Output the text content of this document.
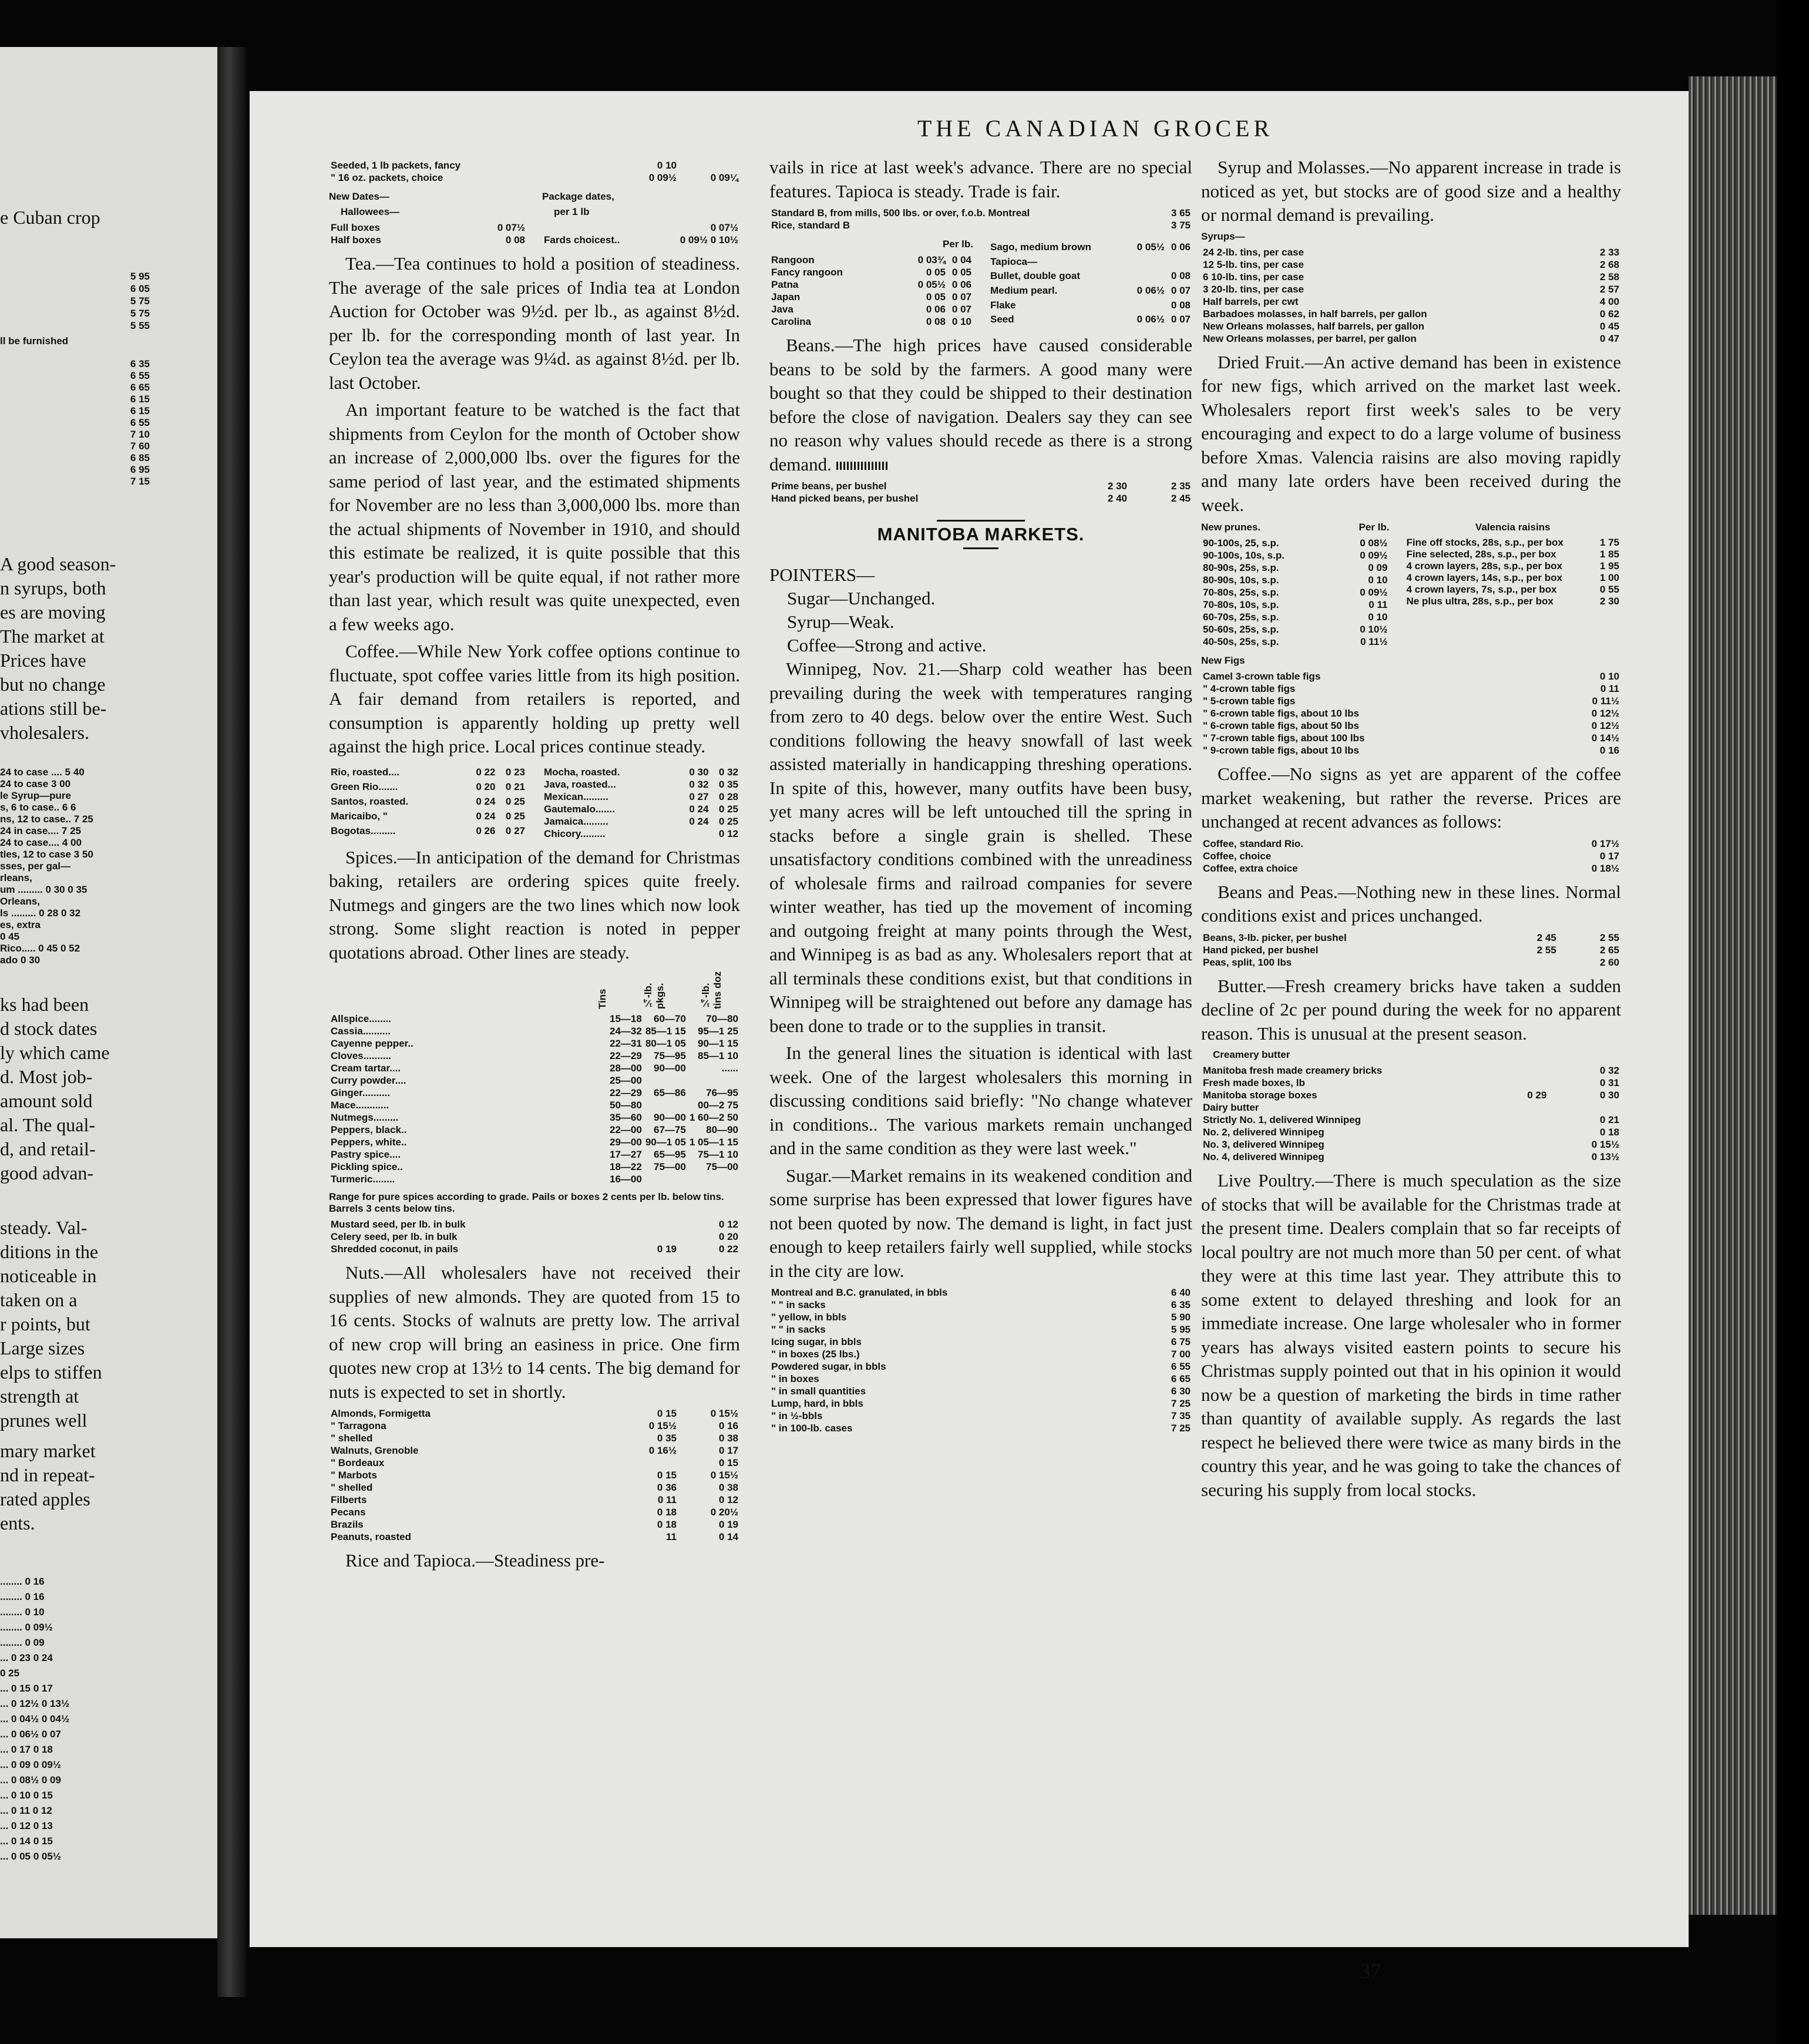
e Cuban crop
5 95
6 05
5 75
5 75
5 55
ll be furnished
6 35
6 55
6 65
6 15
6 15
6 55
7 10
7 60
6 85
6 95
7 15
A good season-
n syrups, both
es are moving
The market at
Prices have
but no change
ations still be-
vholesalers.
24 to case .... 5 40
24 to case 3 00
le Syrup—pure
s, 6 to case.. 6 6
ns, 12 to case.. 7 25
24 in case.... 7 25
24 to case.... 4 00
tles, 12 to case 3 50
sses, per gal—
rleans,
um ......... 0 30 0 35
Orleans,
ls ......... 0 28 0 32
es, extra
0 45
Rico..... 0 45 0 52
ado 0 30
ks had been
d stock dates
ly which came
d. Most job-
amount sold
al. The qual-
d, and retail-
good advan-
steady. Val-
ditions in the
noticeable in
taken on a
r points, but
Large sizes
elps to stiffen
strength at
prunes well
mary market
nd in repeat-
rated apples
ents.
........ 0 16
........ 0 16
........ 0 10
........ 0 09½
........ 0 09
... 0 23 0 24
0 25
... 0 15 0 17
... 0 12½ 0 13½
... 0 04½ 0 04½
... 0 06½ 0 07
... 0 17 0 18
... 0 09 0 09½
... 0 08½ 0 09
... 0 10 0 15
... 0 11 0 12
... 0 12 0 13
... 0 14 0 15
... 0 05 0 05½
THE CANADIAN GROCER
Seeded, 1 lb packets, fancy	0 10	
" 16 oz. packets, choice	0 09½	0 09¼
New Dates—
Hallowees—
Full boxes	0 07½
Half boxes	0 08
Package dates,
per 1 lb
	0 07½
Fards choicest..	0 09½ 0 10½

Tea.—Tea continues to hold a position of steadiness. The average of the sale prices of India tea at London Auction for October was 9½d. per lb., as against 8½d. per lb. for the corresponding month of last year. In Ceylon tea the average was 9¼d. as against 8½d. per lb. last October.

An important feature to be watched is the fact that shipments from Ceylon for the month of October show an increase of 2,000,000 lbs. over the figures for the same period of last year, and the estimated shipments for November are no less than 3,000,000 lbs. more than the actual shipments of November in 1910, and should this estimate be realized, it is quite possible that this year's production will be quite equal, if not rather more than last year, which result was quite unexpected, even a few weeks ago.

Coffee.—While New York coffee options continue to fluctuate, spot coffee varies little from its high position. A fair demand from retailers is reported, and consumption is apparently holding up pretty well against the high price. Local prices continue steady.

Rio, roasted....	0 22	0 23
Green Rio.......	0 20	0 21
Santos, roasted.	0 24	0 25
Maricaibo, "	0 24	0 25
Bogotas.........	0 26	0 27
Mocha, roasted.	0 30	0 32
Java, roasted...	0 32	0 35
Mexican.........	0 27	0 28
Gautemalo.......	0 24	0 25
Jamaica.........	0 24	0 25
Chicory.........		0 12

Spices.—In anticipation of the demand for Christmas baking, retailers are ordering spices quite freely. Nutmegs and gingers are the two lines which now look strong. Some slight reaction is noted in pepper quotations abroad. Other lines are steady.

Tins	¼-lb. pkgs.	¼-lb. tins doz
Allspice........	15—18	60—70	70—80
Cassia..........	24—32	85—1 15	95—1 25
Cayenne pepper..	22—31	80—1 05	90—1 15
Cloves..........	22—29	75—95	85—1 10
Cream tartar....	28—00	90—00	......
Curry powder....	25—00		
Ginger..........	22—29	65—86	76—95
Mace............	50—80		00—2 75
Nutmegs.........	35—60	90—00	1 60—2 50
Peppers, black..	22—00	67—75	80—90
Peppers, white..	29—00	90—1 05	1 05—1 15
Pastry spice....	17—27	65—95	75—1 10
Pickling spice..	18—22	75—00	75—00
Turmeric........	16—00		
Range for pure spices according to grade. Pails or boxes 2 cents per lb. below tins. Barrels 3 cents below tins.
Mustard seed, per lb. in bulk		0 12
Celery seed, per lb. in bulk		0 20
Shredded coconut, in pails	0 19	0 22

Nuts.—All wholesalers have not received their supplies of new almonds. They are quoted from 15 to 16 cents. Stocks of walnuts are pretty low. The arrival of new crop will bring an easiness in price. One firm quotes new crop at 13½ to 14 cents. The big demand for nuts is expected to set in shortly.

Almonds, Formigetta	0 15	0 15½
" Tarragona	0 15½	0 16
" shelled	0 35	0 38
Walnuts, Grenoble	0 16½	0 17
" Bordeaux		0 15
" Marbots	0 15	0 15½
" shelled	0 36	0 38
Filberts	0 11	0 12
Pecans	0 18	0 20½
Brazils	0 18	0 19
Peanuts, roasted	11	0 14

Rice and Tapioca.—Steadiness pre-

vails in rice at last week's advance. There are no special features. Tapioca is steady. Trade is fair.

Standard B, from mills, 500 lbs. or over, f.o.b. Montreal	3 65
Rice, standard B	3 75
Per lb.
Rangoon	0 03¾	0 04
Fancy rangoon	0 05	0 05
Patna	0 05½	0 06
Japan	0 05	0 07
Java	0 06	0 07
Carolina	0 08	0 10
Sago, medium brown	0 05½	0 06
Tapioca—		
Bullet, double goat		0 08
Medium pearl.	0 06½	0 07
Flake		0 08
Seed	0 06½	0 07

Beans.—The high prices have caused considerable beans to be sold by the farmers. A good many were bought so that they could be shipped to their destination before the close of navigation. Dealers say they can see no reason why values should recede as there is a strong demand.

Prime beans, per bushel	2 30	2 35
Hand picked beans, per bushel	2 40	2 45
MANITOBA MARKETS.
POINTERS—
Sugar—Unchanged.
Syrup—Weak.
Coffee—Strong and active.

Winnipeg, Nov. 21.—Sharp cold weather has been prevailing during the week with temperatures ranging from zero to 40 degs. below over the entire West. Such conditions following the heavy snowfall of last week assisted materially in handicapping threshing operations. In spite of this, however, many outfits have been busy, yet many acres will be left untouched till the spring in stacks before a single grain is shelled. These unsatisfactory conditions combined with the unreadiness of wholesale firms and railroad companies for severe winter weather, has tied up the movement of incoming and outgoing freight at many points through the West, and Winnipeg is as bad as any. Wholesalers report that at all terminals these conditions exist, but that conditions in Winnipeg will be straightened out before any damage has been done to trade or to the supplies in transit.

In the general lines the situation is identical with last week. One of the largest wholesalers this morning in discussing conditions said briefly: "No change whatever in conditions.. The various markets remain unchanged and in the same condition as they were last week."

Sugar.—Market remains in its weakened condition and some surprise has been expressed that lower figures have not been quoted by now. The demand is light, in fact just enough to keep retailers fairly well supplied, while stocks in the city are low.

Montreal and B.C. granulated, in bbls	6 40
" " in sacks	6 35
" yellow, in bbls	5 90
" " in sacks	5 95
Icing sugar, in bbls	6 75
" in boxes (25 lbs.)	7 00
Powdered sugar, in bbls	6 55
" in boxes	6 65
" in small quantities	6 30
Lump, hard, in bbls	7 25
" in ½-bbls	7 35
" in 100-lb. cases	7 25

Syrup and Molasses.—No apparent increase in trade is noticed as yet, but stocks are of good size and a healthy or normal demand is prevailing.

Syrups—
24 2-lb. tins, per case	2 33
12 5-lb. tins, per case	2 68
6 10-lb. tins, per case	2 58
3 20-lb. tins, per case	2 57
Half barrels, per cwt	4 00
Barbadoes molasses, in half barrels, per gallon	0 62
New Orleans molasses, half barrels, per gallon	0 45
New Orleans molasses, per barrel, per gallon	0 47

Dried Fruit.—An active demand has been in existence for new figs, which arrived on the market last week. Wholesalers report first week's sales to be very encouraging and expect to do a large volume of business before Xmas. Valencia raisins are also moving rapidly and many late orders have been received during the week.

New prunes.	Per lb.
90-100s, 25, s.p.	0 08½
90-100s, 10s, s.p.	0 09½
80-90s, 25s, s.p.	0 09
80-90s, 10s, s.p.	0 10
70-80s, 25s, s.p.	0 09½
70-80s, 10s, s.p.	0 11
60-70s, 25s, s.p.	0 10
50-60s, 25s, s.p.	0 10½
40-50s, 25s, s.p.	0 11½
Valencia raisins
Fine off stocks, 28s, s.p., per box	1 75
Fine selected, 28s, s.p., per box	1 85
4 crown layers, 28s, s.p., per box	1 95
4 crown layers, 14s, s.p., per box	1 00
4 crown layers, 7s, s.p., per box	0 55
Ne plus ultra, 28s, s.p., per box	2 30
New Figs
Camel 3-crown table figs	0 10
" 4-crown table figs	0 11
" 5-crown table figs	0 11½
" 6-crown table figs, about 10 lbs	0 12½
" 6-crown table figs, about 50 lbs	0 12½
" 7-crown table figs, about 100 lbs	0 14½
" 9-crown table figs, about 10 lbs	0 16

Coffee.—No signs as yet are apparent of the coffee market weakening, but rather the reverse. Prices are unchanged at recent advances as follows:

Coffee, standard Rio.	0 17½
Coffee, choice	0 17
Coffee, extra choice	0 18½

Beans and Peas.—Nothing new in these lines. Normal conditions exist and prices unchanged.

Beans, 3-lb. picker, per bushel	2 45	2 55
Hand picked, per bushel	2 55	2 65
Peas, split, 100 lbs		2 60

Butter.—Fresh creamery bricks have taken a sudden decline of 2c per pound during the week for no apparent reason. This is unusual at the present season.

Creamery butter
Manitoba fresh made creamery bricks		0 32
Fresh made boxes, lb		0 31
Manitoba storage boxes	0 29	0 30
Dairy butter		
Strictly No. 1, delivered Winnipeg		0 21
No. 2, delivered Winnipeg		0 18
No. 3, delivered Winnipeg		0 15½
No. 4, delivered Winnipeg		0 13½

Live Poultry.—There is much speculation as the size of stocks that will be available for the Christmas trade at the present time. Dealers complain that so far receipts of local poultry are not much more than 50 per cent. of what they were at this time last year. They attribute this to some extent to delayed threshing and look for an immediate increase. One large wholesaler who in former years has always visited eastern points to secure his Christmas supply pointed out that in his opinion it would now be a question of marketing the birds in time rather than quantity of available supply. As regards the last respect he believed there were twice as many birds in the country this year, and he was going to take the chances of securing his supply from local stocks.

37
